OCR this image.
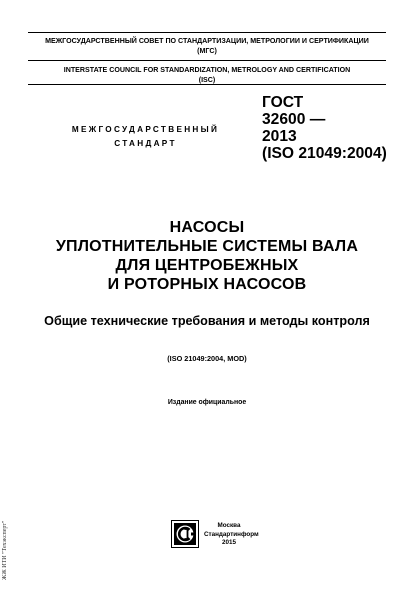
МЕЖГОСУДАРСТВЕННЫЙ СОВЕТ ПО СТАНДАРТИЗАЦИИ, МЕТРОЛОГИИ И СЕРТИФИКАЦИИ
(МГС)
INTERSTATE COUNCIL FOR STANDARDIZATION, METROLOGY AND CERTIFICATION
(ISC)
МЕЖГОСУДАРСТВЕННЫЙ
СТАНДАРТ
ГОСТ
32600 —
2013
(ISO 21049:2004)
НАСОСЫ
УПЛОТНИТЕЛЬНЫЕ СИСТЕМЫ ВАЛА
ДЛЯ ЦЕНТРОБЕЖНЫХ
И РОТОРНЫХ НАСОСОВ
Общие технические требования и методы контроля
(ISO 21049:2004, MOD)
Издание официальное
Москва
Стандартинформ
2015
ЖЖ ИТИ "Техэксперт"
